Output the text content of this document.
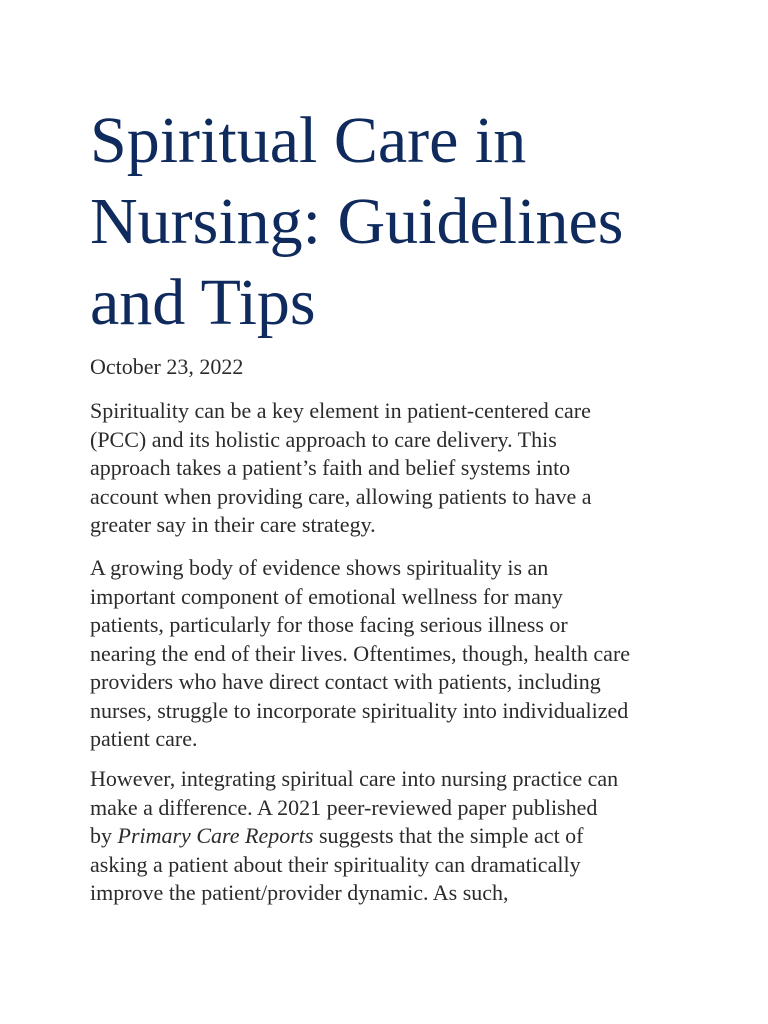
Spiritual Care in
Nursing: Guidelines
and Tips

October 23, 2022

Spirituality can be a key element in patient-centered care
(PCC) and its holistic approach to care delivery. This
approach takes a patient’s faith and belief systems into
account when providing care, allowing patients to have a
greater say in their care strategy.

A growing body of evidence shows spirituality is an
important component of emotional wellness for many
patients, particularly for those facing serious illness or
nearing the end of their lives. Oftentimes, though, health care
providers who have direct contact with patients, including
nurses, struggle to incorporate spirituality into individualized
patient care.

However, integrating spiritual care into nursing practice can
make a difference. A 2021 peer-reviewed paper published
by Primary Care Reports suggests that the simple act of
asking a patient about their spirituality can dramatically
improve the patient/provider dynamic. As such,
